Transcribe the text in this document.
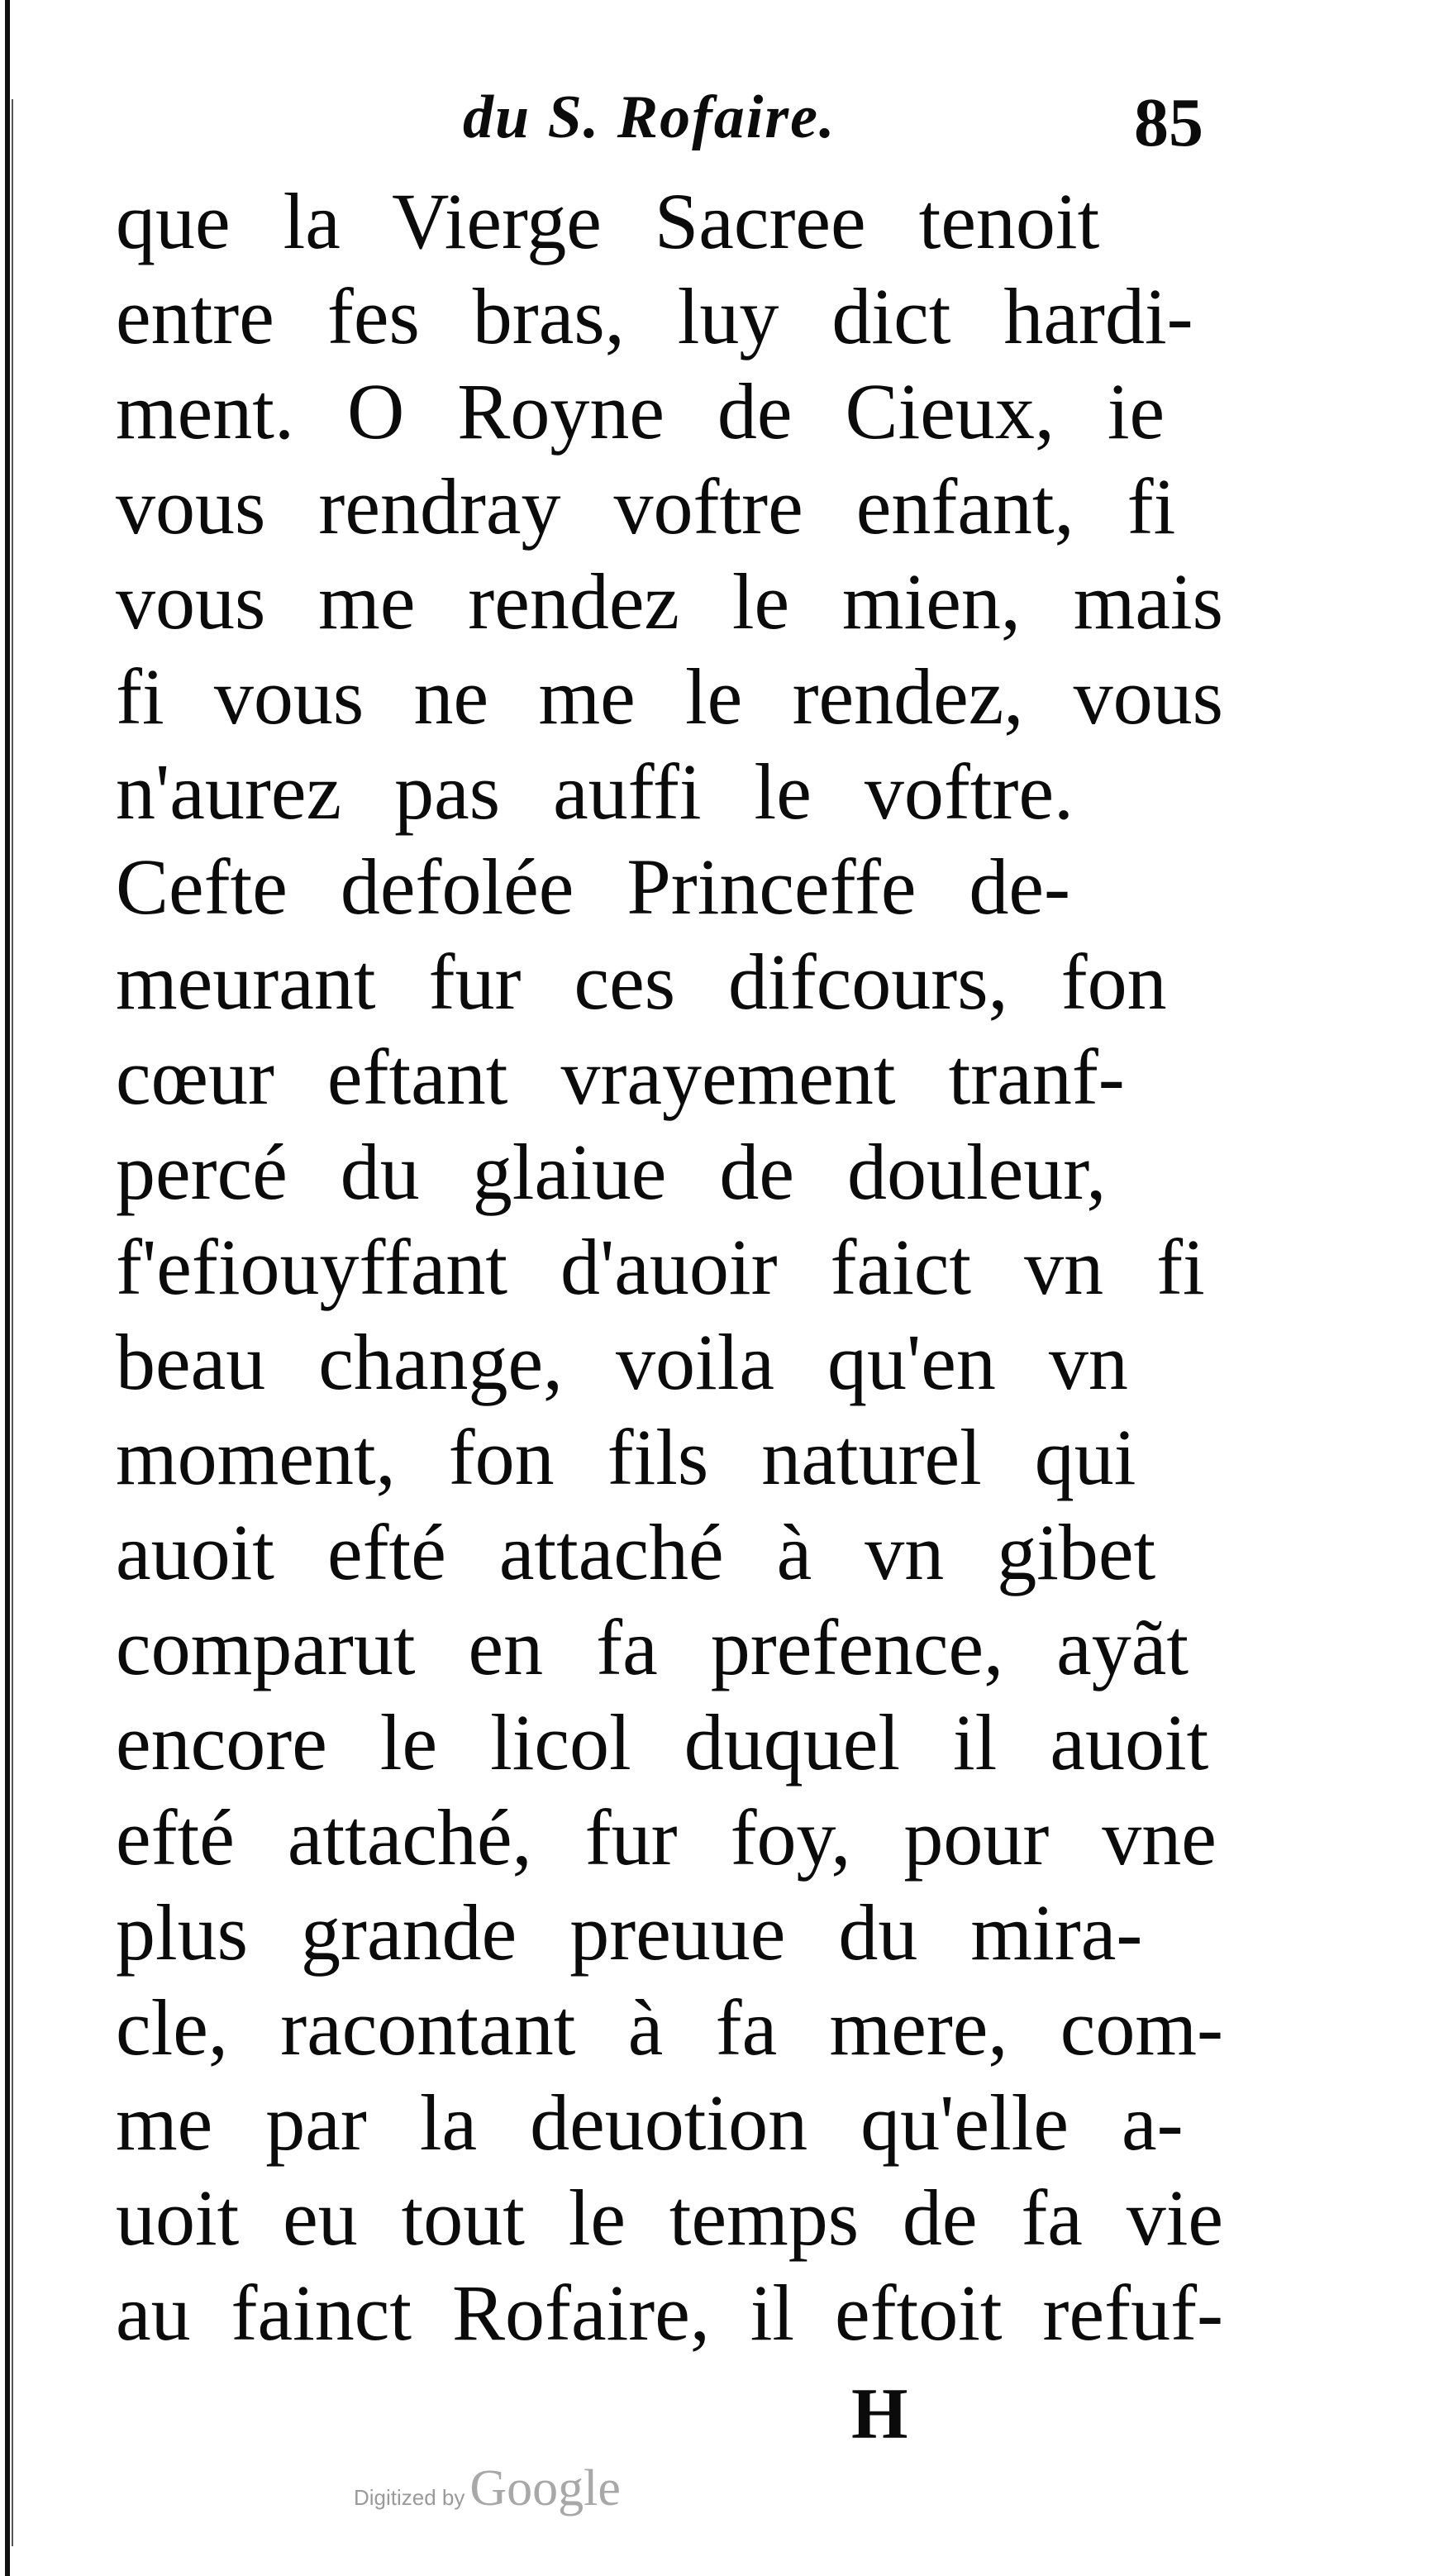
du S. Rofaire.	85
que la Vierge Sacree tenoit
entre fes bras, luy dict hardi-
ment. O Royne de Cieux, ie
vous rendray voftre enfant, fi
vous me rendez le mien, mais
fi vous ne me le rendez, vous
n'aurez pas auffi le voftre.
Cefte defolée Princeffe de-
meurant fur ces difcours, fon
cœur eftant vrayement tranf-
percé du glaiue de douleur,
f'efiouyffant d'auoir faict vn fi
beau change, voila qu'en vn
moment, fon fils naturel qui
auoit efté attaché à vn gibet
comparut en fa prefence, ayãt
encore le licol duquel il auoit
efté attaché, fur foy, pour vne
plus grande preuue du mira-
cle, racontant à fa mere, com-
me par la deuotion qu'elle a-
uoit eu tout le temps de fa vie
au fainct Rofaire, il eftoit refuf-
H
Digitized by Google
